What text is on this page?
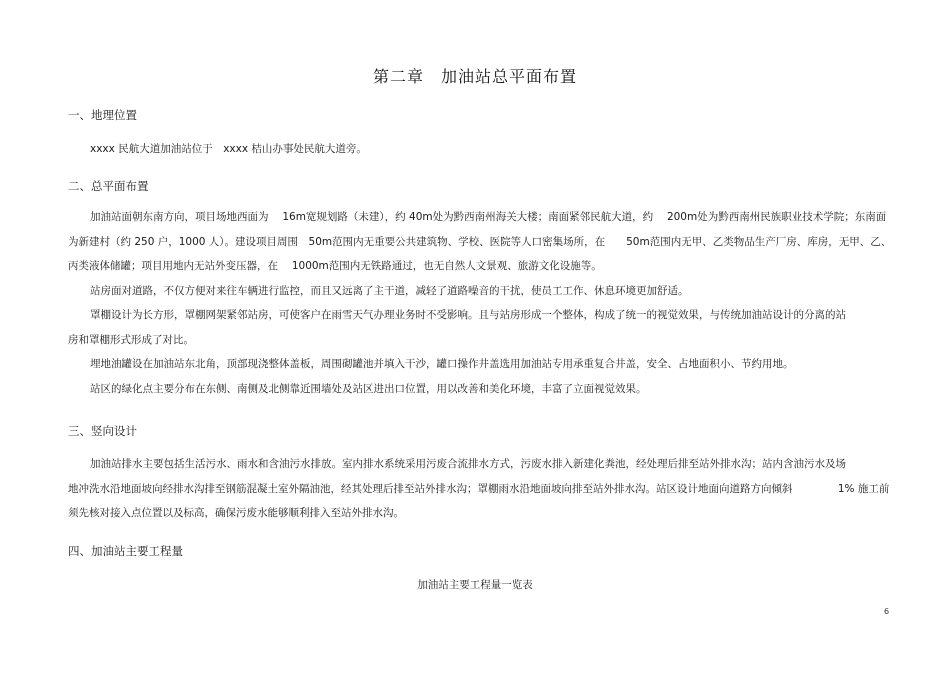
第二章　加油站总平面布置
一、地理位置
xxxx 民航大道加油站位于　xxxx 桔山办事处民航大道旁。
二、总平面布置
加油站面朝东南方向，项目场地西面为　 16m宽规划路（未建），约 40m处为黔西南州海关大楼；南面紧邻民航大道，约　 200m处为黔西南州民族职业技术学院；东南面
为新建村（约 250 户，1000 人）。建设项目周围　50m范围内无重要公共建筑物、学校、医院等人口密集场所，在　　50m范围内无甲、乙类物品生产厂房、库房，无甲、乙、
丙类液体储罐；项目用地内无站外变压器，在　 1000m范围内无铁路通过，也无自然人文景观、旅游文化设施等。
站房面对道路，不仅方便对来往车辆进行监控，而且又远离了主干道，减轻了道路噪音的干扰，使员工工作、休息环境更加舒适。
罩棚设计为长方形，罩棚网架紧邻站房，可使客户在雨雪天气办理业务时不受影响。且与站房形成一个整体，构成了统一的视觉效果，与传统加油站设计的分离的站
房和罩棚形式形成了对比。
埋地油罐设在加油站东北角，顶部现浇整体盖板，周围砌罐池并填入干沙，罐口操作井盖选用加油站专用承重复合井盖，安全、占地面积小、节约用地。
站区的绿化点主要分布在东侧、南侧及北侧靠近围墙处及站区进出口位置，用以改善和美化环境，丰富了立面视觉效果。
三、竖向设计
加油站排水主要包括生活污水、雨水和含油污水排放。室内排水系统采用污废合流排水方式，污废水排入新建化粪池，经处理后排至站外排水沟；站内含油污水及场
地冲洗水沿地面坡向经排水沟排至钢筋混凝土室外隔油池，经其处理后排至站外排水沟；罩棚雨水沿地面坡向排至站外排水沟。站区设计地面向道路方向倾斜　　　　 1% 施工前
须先核对接入点位置以及标高，确保污废水能够顺利排入至站外排水沟。
四、加油站主要工程量
加油站主要工程量一览表
6
